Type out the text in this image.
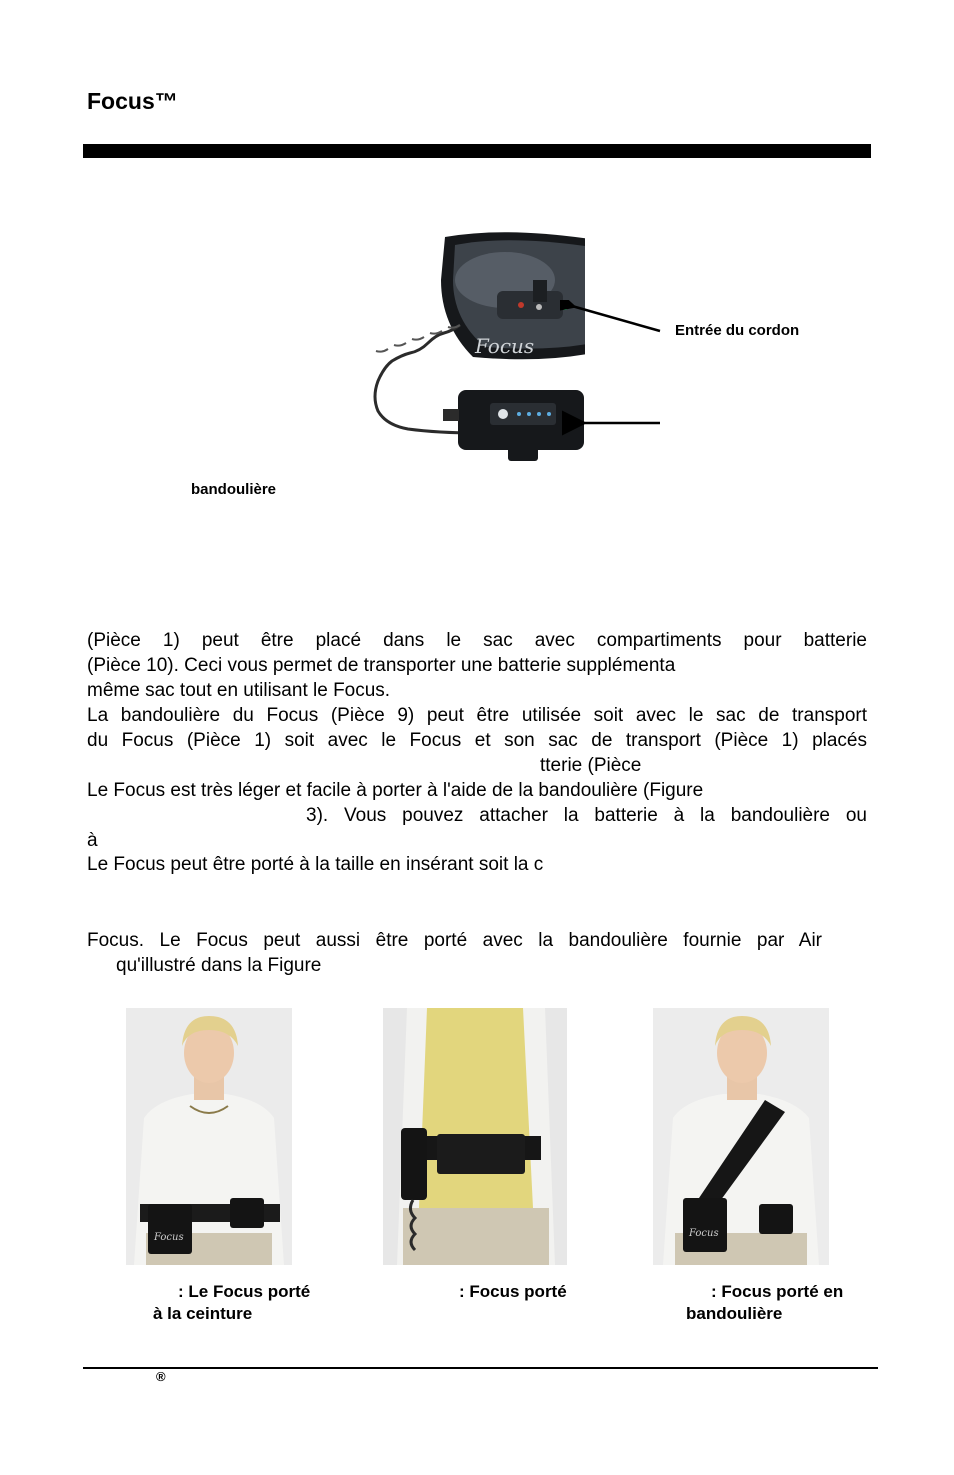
Focus™
Focus
Entrée du cordon
bandoulière
(Pièce 1) peut être placé dans le sac avec compartiments pour batterie
(Pièce 10). Ceci vous permet de transporter une batterie supplémenta
même sac tout en utilisant le Focus.
La bandoulière du Focus (Pièce 9) peut être utilisée soit avec le sac de transport
du Focus (Pièce 1) soit avec le Focus et son sac de transport (Pièce 1) placés
tterie (Pièce
Le Focus est très léger et facile à porter à l'aide de la bandoulière (Figure
3). Vous pouvez attacher la batterie à la bandoulière ou
à
Le Focus peut être porté à la taille en insérant soit la c
Focus. Le Focus peut aussi être porté avec la bandoulière fournie par Air
qu'illustré dans la Figure
Focus	Focus
: Le Focus porté
à la ceinture
: Focus porté	: Focus porté en
bandoulière
®
